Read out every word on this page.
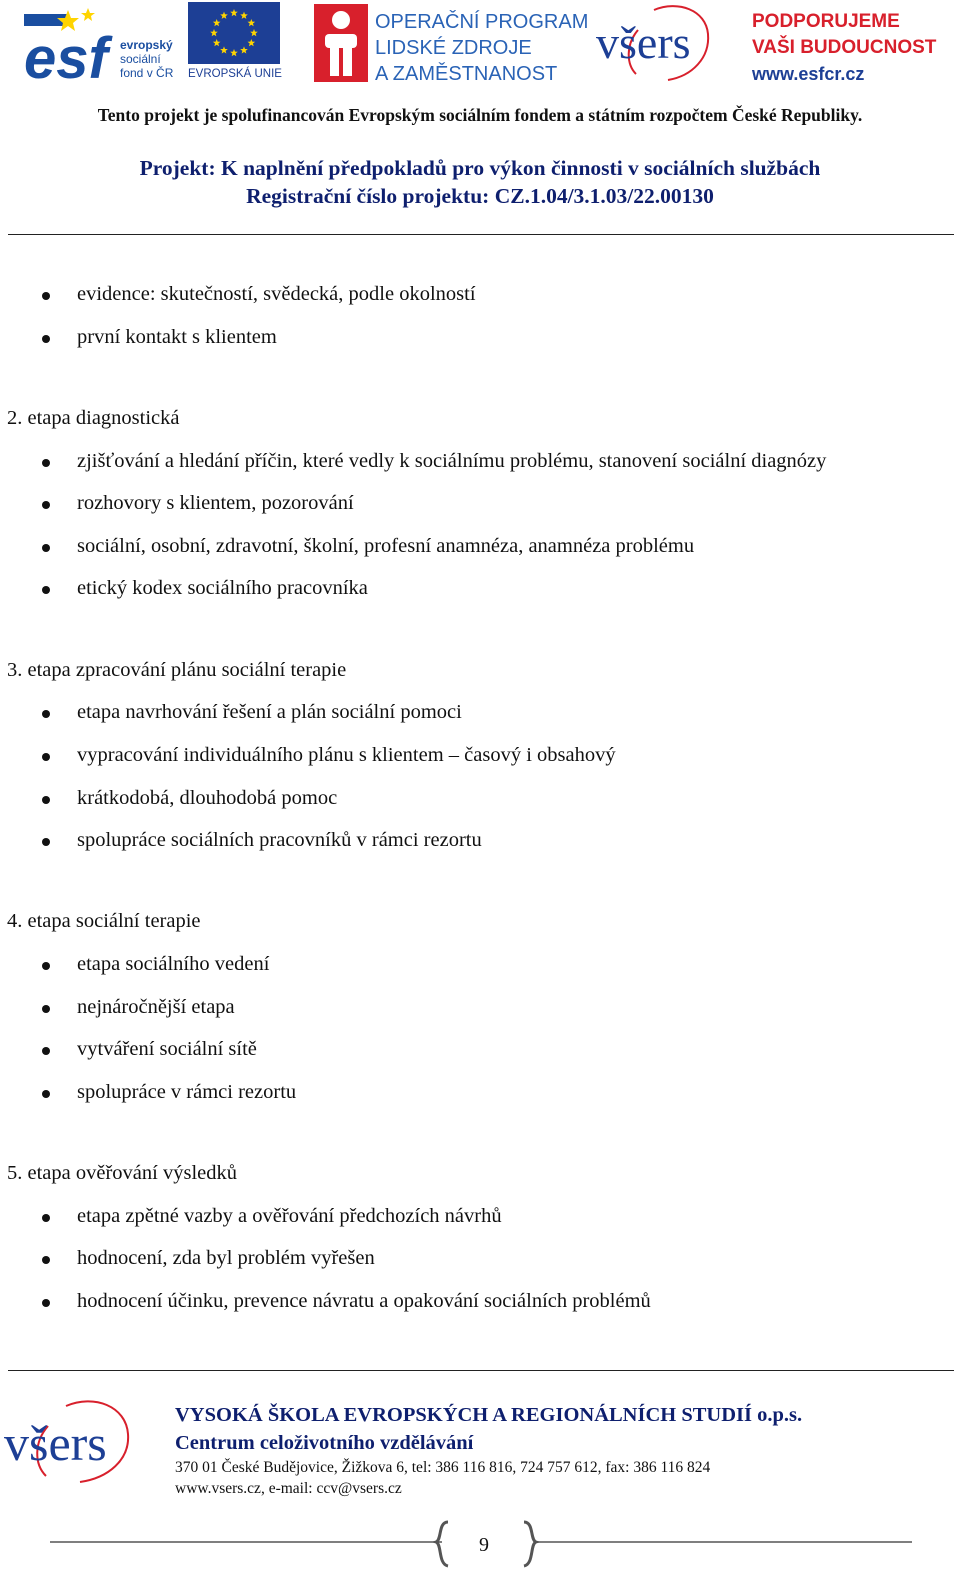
esf	evropský
sociální
fond v ČR EVROPSKÁ UNIE
OPERAČNÍ PROGRAM
LIDSKÉ ZDROJE
A ZAMĚSTNANOST
všers	PODPORUJEME
VAŠI BUDOUCNOST
www.esfcr.cz
Tento projekt je spolufinancován Evropským sociálním fondem a státním rozpočtem České Republiky.
Projekt: K naplnění předpokladů pro výkon činnosti v sociálních službách
Registrační číslo projektu: CZ.1.04/3.1.03/22.00130
evidence: skutečností, svědecká, podle okolností
první kontakt s klientem
2. etapa diagnostická
zjišťování a hledání příčin, které vedly k sociálnímu problému, stanovení sociální diagnózy
rozhovory s klientem, pozorování
sociální, osobní, zdravotní, školní, profesní anamnéza, anamnéza problému
etický kodex sociálního pracovníka
3. etapa zpracování plánu sociální terapie
etapa navrhování řešení a plán sociální pomoci
vypracování individuálního plánu s klientem – časový i obsahový
krátkodobá, dlouhodobá pomoc
spolupráce sociálních pracovníků v rámci rezortu
4. etapa sociální terapie
etapa sociálního vedení
nejnáročnější etapa
vytváření sociální sítě
spolupráce v rámci rezortu
5. etapa ověřování výsledků
etapa zpětné vazby a ověřování předchozích návrhů
hodnocení, zda byl problém vyřešen
hodnocení účinku, prevence návratu a opakování sociálních problémů
všers	VYSOKÁ ŠKOLA EVROPSKÝCH A REGIONÁLNÍCH STUDIÍ o.p.s.
Centrum celoživotního vzdělávání
370 01 České Budějovice, Žižkova 6, tel: 386 116 816, 724 757 612, fax: 386 116 824
www.vsers.cz, e-mail: ccv@vsers.cz
9
